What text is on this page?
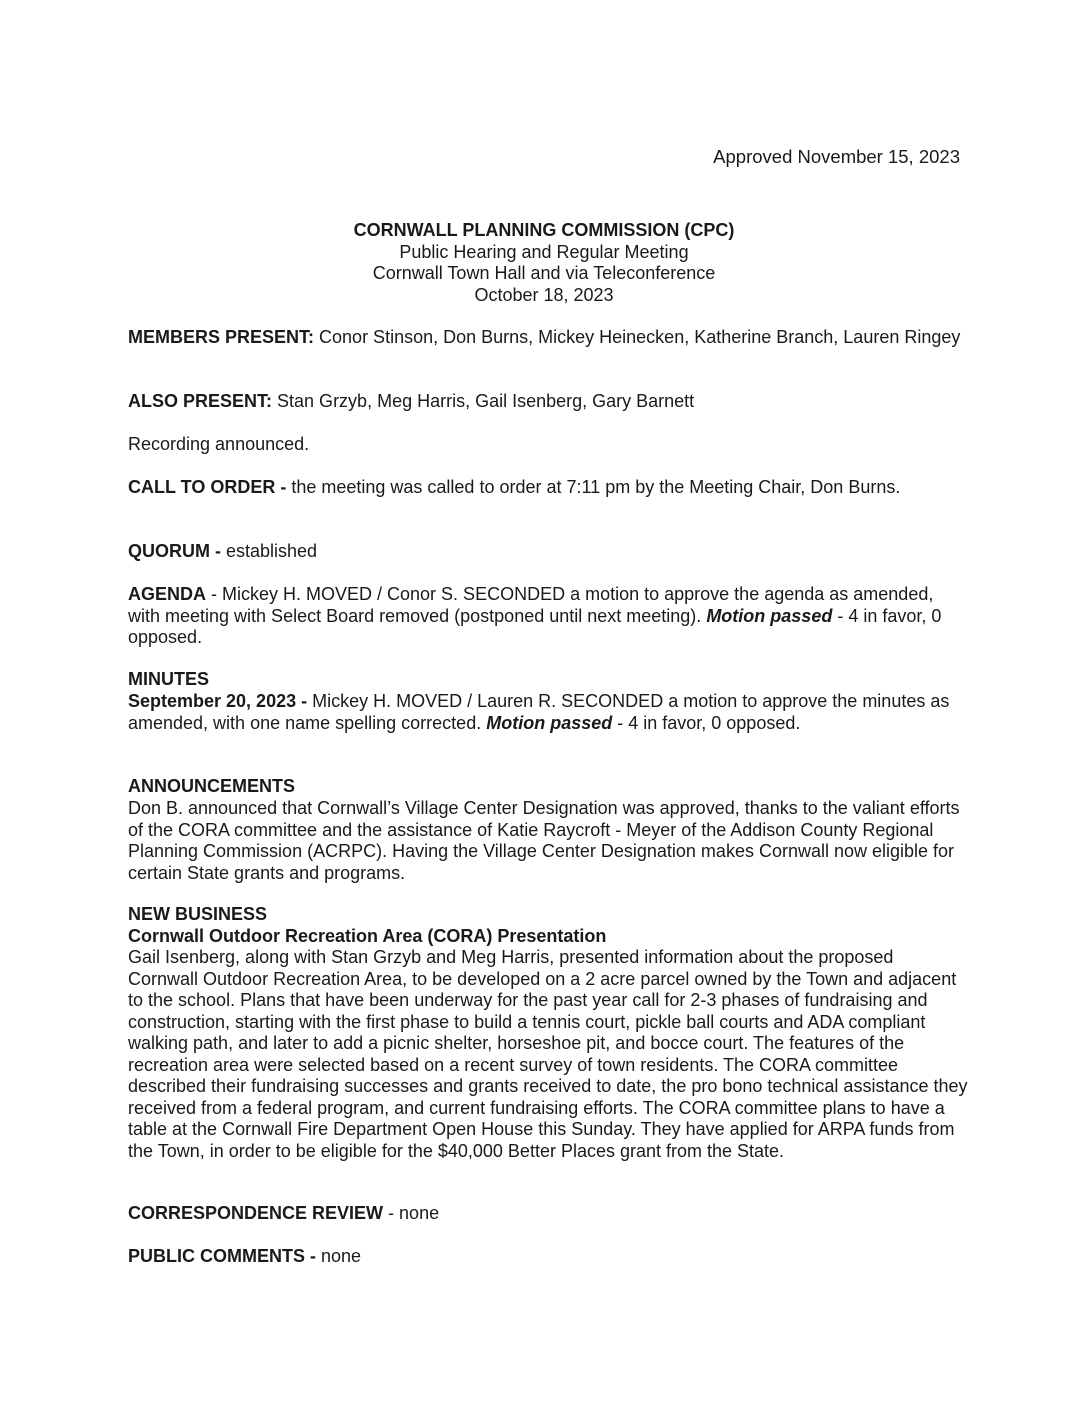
Approved November 15, 2023
CORNWALL PLANNING COMMISSION (CPC)
Public Hearing and Regular Meeting
Cornwall Town Hall and via Teleconference
October 18, 2023

MEMBERS PRESENT: Conor Stinson, Don Burns, Mickey Heinecken, Katherine Branch, Lauren Ringey

ALSO PRESENT: Stan Grzyb, Meg Harris, Gail Isenberg, Gary Barnett

Recording announced.

CALL TO ORDER - the meeting was called to order at 7:11 pm by the Meeting Chair, Don Burns.

QUORUM - established

AGENDA - Mickey H. MOVED / Conor S. SECONDED a motion to approve the agenda as amended, with meeting with Select Board removed (postponed until next meeting). Motion passed - 4 in favor, 0 opposed.

MINUTES

September 20, 2023 - Mickey H. MOVED / Lauren R. SECONDED a motion to approve the minutes as amended, with one name spelling corrected. Motion passed - 4 in favor, 0 opposed.

ANNOUNCEMENTS

Don B. announced that Cornwall’s Village Center Designation was approved, thanks to the valiant efforts of the CORA committee and the assistance of Katie Raycroft - Meyer of the Addison County Regional Planning Commission (ACRPC). Having the Village Center Designation makes Cornwall now eligible for certain State grants and programs.

NEW BUSINESS

Cornwall Outdoor Recreation Area (CORA) Presentation

Gail Isenberg, along with Stan Grzyb and Meg Harris, presented information about the proposed Cornwall Outdoor Recreation Area, to be developed on a 2 acre parcel owned by the Town and adjacent to the school. Plans that have been underway for the past year call for 2-3 phases of fundraising and construction, starting with the first phase to build a tennis court, pickle ball courts and ADA compliant walking path, and later to add a picnic shelter, horseshoe pit, and bocce court. The features of the recreation area were selected based on a recent survey of town residents. The CORA committee described their fundraising successes and grants received to date, the pro bono technical assistance they received from a federal program, and current fundraising efforts. The CORA committee plans to have a table at the Cornwall Fire Department Open House this Sunday. They have applied for ARPA funds from the Town, in order to be eligible for the $40,000 Better Places grant from the State.

CORRESPONDENCE REVIEW - none

PUBLIC COMMENTS - none
